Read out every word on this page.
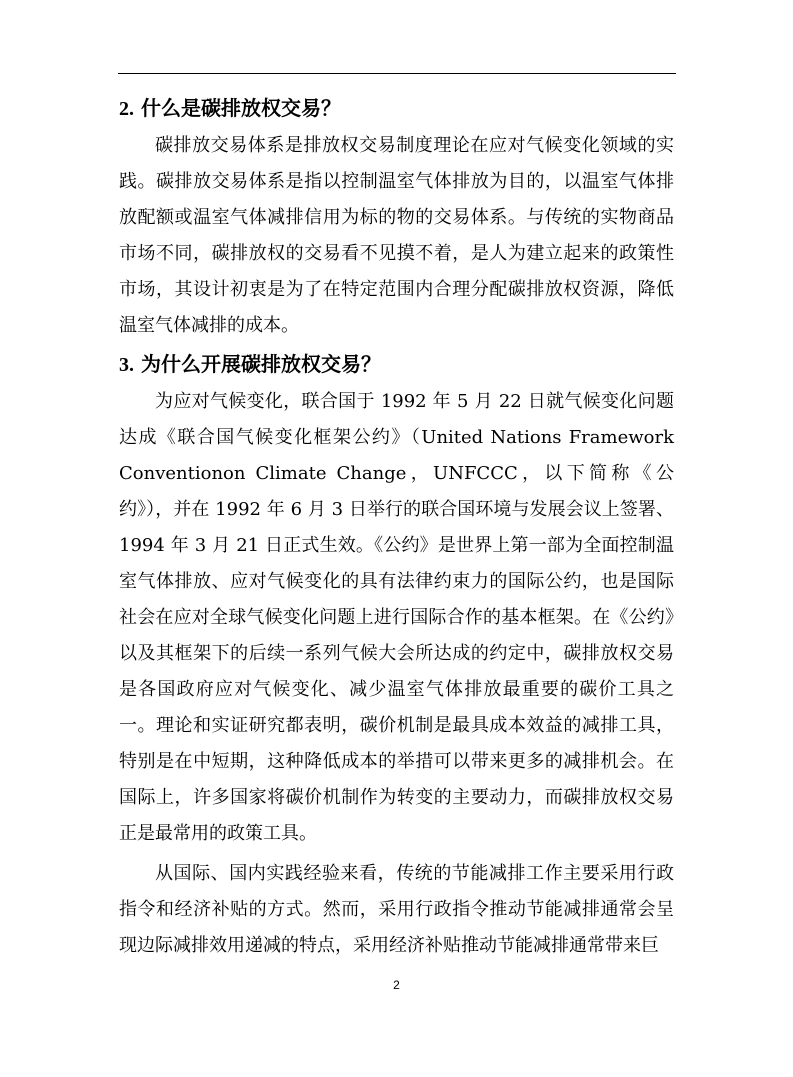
2. 什么是碳排放权交易？

碳排放交易体系是排放权交易制度理论在应对气候变化领域的实践。碳排放交易体系是指以控制温室气体排放为目的，以温室气体排放配额或温室气体减排信用为标的物的交易体系。与传统的实物商品市场不同，碳排放权的交易看不见摸不着，是人为建立起来的政策性市场，其设计初衷是为了在特定范围内合理分配碳排放权资源，降低温室气体减排的成本。

3. 为什么开展碳排放权交易？

为应对气候变化，联合国于 1992 年 5 月 22 日就气候变化问题达成《联合国气候变化框架公约》（United Nations Framework Conventionon Climate Change，UNFCCC，以下简称《公约》），并在 1992 年 6 月 3 日举行的联合国环境与发展会议上签署、1994 年 3 月 21 日正式生效。《公约》是世界上第一部为全面控制温室气体排放、应对气候变化的具有法律约束力的国际公约，也是国际社会在应对全球气候变化问题上进行国际合作的基本框架。在《公约》以及其框架下的后续一系列气候大会所达成的约定中，碳排放权交易是各国政府应对气候变化、减少温室气体排放最重要的碳价工具之一。理论和实证研究都表明，碳价机制是最具成本效益的减排工具，特别是在中短期，这种降低成本的举措可以带来更多的减排机会。在国际上，许多国家将碳价机制作为转变的主要动力，而碳排放权交易正是最常用的政策工具。

从国际、国内实践经验来看，传统的节能减排工作主要采用行政指令和经济补贴的方式。然而，采用行政指令推动节能减排通常会呈现边际减排效用递减的特点，采用经济补贴推动节能减排通常带来巨

2
